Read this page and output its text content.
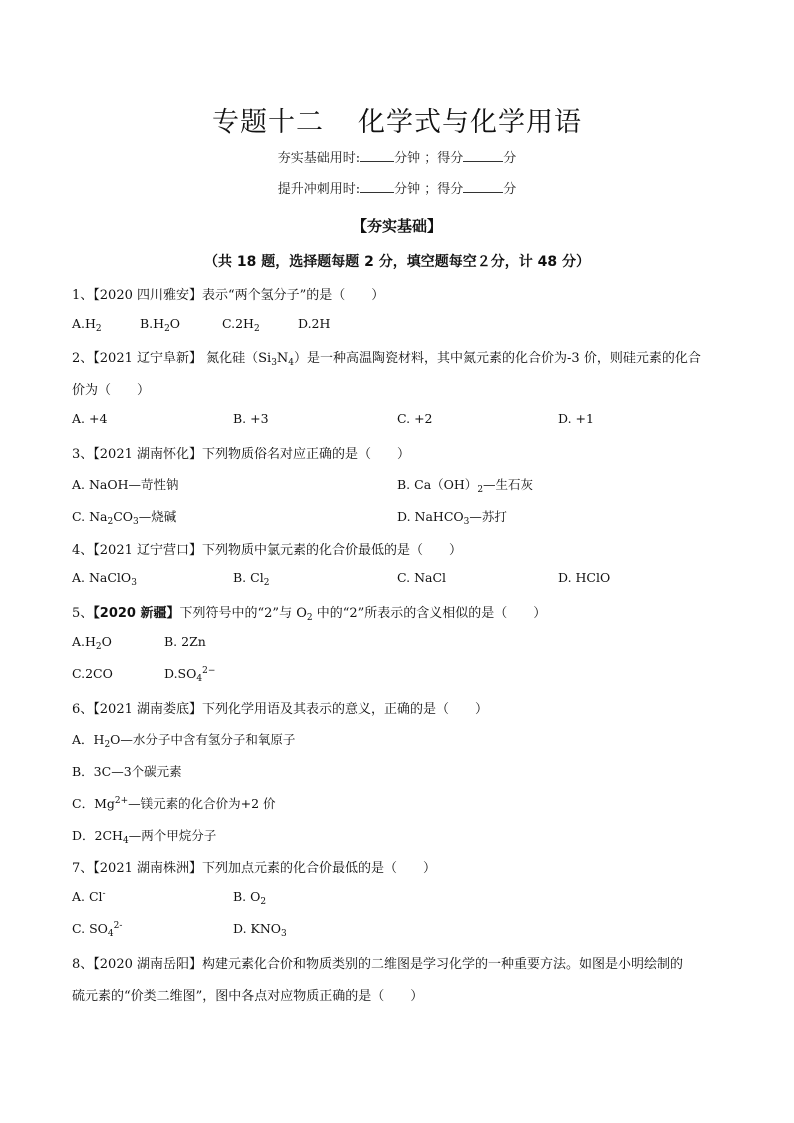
专题十二 化学式与化学用语
夯实基础用时:	分钟 ；得分	分
提升冲刺用时:	分钟 ；得分	分
【夯实基础】
（共 18 题，选择题每题 2 分，填空题每空２分，计 48 分）
1、【2020 四川雅安】表示“两个氢分子”的是（　　）
$A.H_2$	$B.H_2O$	$C.2H_2$	D.2H
2、【2021 辽宁阜新】 氮化硅$(Si_3N_4)$是一种高温陶瓷材料，其中氮元素的化合价为-3 价，则硅元素的化合
价为（　　）
A. +4	B. +3	C. +2	D. +1
3、【2021 湖南怀化】下列物质俗名对应正确的是（　　）
A. NaOH—苛性钠	B. $Ca(OH)_2—$生石灰
C. $Na_2CO_3—$烧碱	D. NaHCO$_3$—苏打
4、【2021 辽宁营口】下列物质中氯元素的化合价最低的是（　　）
A. NaClO$_3$	B. $Cl_2$	C. NaCl	D. HClO
5、【2020 新疆】下列符号中的“2”与 $O_2$ 中的“2”所表示的含义相似的是（　　）
$A.H_2O$	B. 2Zn
C.2CO	$D.SO_4^{2-}$
6、【2021 湖南娄底】下列化学用语及其表示的意义，正确的是（　　）
A．$H_2O—$水分子中含有氢分子和氧原子
B．3C—3个碳元素
C．$Mg^{2+}—$镁元素的化合价为+2 价
D．$2CH_4—$两个甲烷分子
7、【2021 湖南株洲】下列加点元素的化合价最低的是（　　）
A. Cl-	B. $O_2$
C. $SO_4^{2-}$	D. $KNO_3$
8、【2020 湖南岳阳】构建元素化合价和物质类别的二维图是学习化学的一种重要方法。如图是小明绘制的
硫元素的“价类二维图”，图中各点对应物质正确的是（　　）
